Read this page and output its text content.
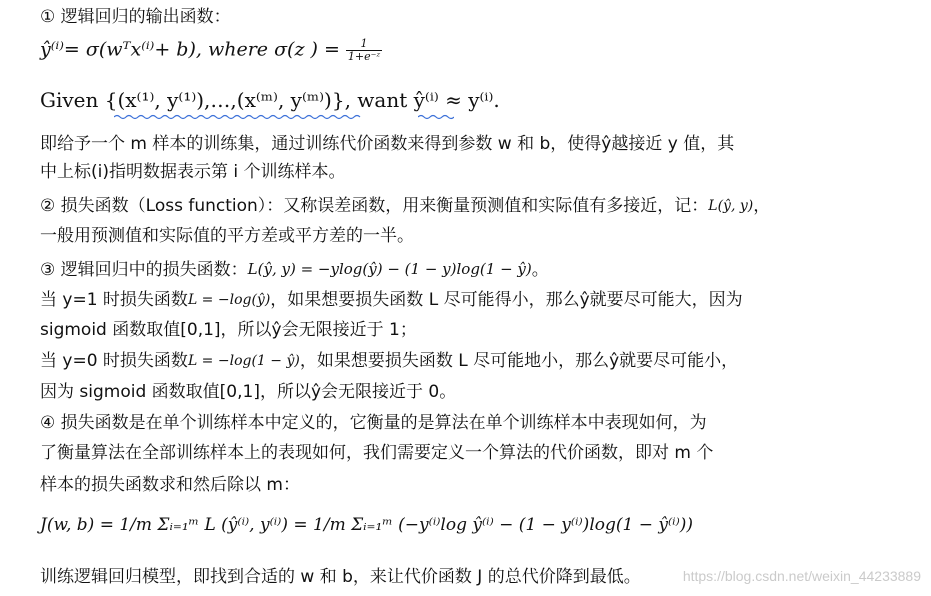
① 逻辑回归的输出函数：
ŷ⁽ⁱ⁾= σ(wᵀx⁽ⁱ⁾+ b), where σ(z ) = $\frac{1}{\text{1+e⁻ᶻ}}$
Given {(x⁽¹⁾, y⁽¹⁾),…,(x⁽ᵐ⁾, y⁽ᵐ⁾)}, want ŷ⁽ⁱ⁾ ≈ y⁽ⁱ⁾.
即给予一个 m 样本的训练集，通过训练代价函数来得到参数 w 和 b，使得ŷ越接近 y 值，其
中上标(i)指明数据表示第 i 个训练样本。
② 损失函数（Loss function）：又称误差函数，用来衡量预测值和实际值有多接近，记：L(ŷ, y)，
一般用预测值和实际值的平方差或平方差的一半。
③ 逻辑回归中的损失函数：L(ŷ, y) = −ylog(ŷ) − (1 − y)log(1 − ŷ)。
当 y=1 时损失函数L = −log(ŷ)，如果想要损失函数 L 尽可能得小，那么ŷ就要尽可能大，因为
sigmoid 函数取值[0,1]，所以ŷ会无限接近于 1；
当 y=0 时损失函数L = −log(1 − ŷ)，如果想要损失函数 L 尽可能地小，那么ŷ就要尽可能小，
因为 sigmoid 函数取值[0,1]，所以ŷ会无限接近于 0。
④ 损失函数是在单个训练样本中定义的，它衡量的是算法在单个训练样本中表现如何，为
了衡量算法在全部训练样本上的表现如何，我们需要定义一个算法的代价函数，即对 m 个
样本的损失函数求和然后除以 m：
J(w, b) = 1/m Σᵢ₌₁ᵐ L (ŷ⁽ⁱ⁾, y⁽ⁱ⁾) = 1/m Σᵢ₌₁ᵐ (−y⁽ⁱ⁾log ŷ⁽ⁱ⁾ − (1 − y⁽ⁱ⁾)log(1 − ŷ⁽ⁱ⁾))
训练逻辑回归模型，即找到合适的 w 和 b，来让代价函数 J 的总代价降到最低。	https://blog.csdn.net/weixin_44233889
